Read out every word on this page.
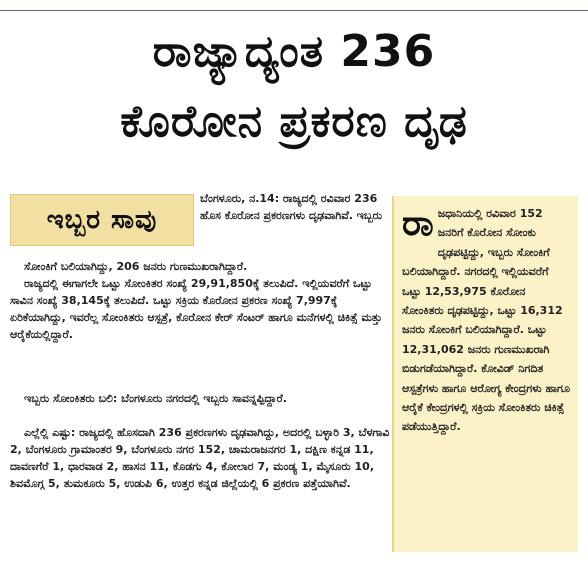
ರಾಜ್ಯಾದ್ಯಂತ 236
ಕೊರೋನ ಪ್ರಕರಣ ದೃಢ
ಇಬ್ಬರ ಸಾವು
ಬೆಂಗಳೂರು, ನ.14: ರಾಜ್ಯದಲ್ಲಿ ರವಿವಾರ 236 ಹೊಸ ಕೊರೋನ ಪ್ರಕರಣಗಳು ದೃಢವಾಗಿವೆ. ಇಬ್ಬರು

ಸೋಂಕಿಗೆ ಬಲಿಯಾಗಿದ್ದು, 206 ಜನರು ಗುಣಮುಖರಾಗಿದ್ದಾರೆ.

ರಾಜ್ಯದಲ್ಲಿ ಈಗಾಗಲೇ ಒಟ್ಟು ಸೋಂಕಿತರ ಸಂಖ್ಯೆ 29,91,850ಕ್ಕೆ ತಲುಪಿದೆ. ಇಲ್ಲಿಯವರೆಗೆ ಒಟ್ಟು ಸಾವಿನ ಸಂಖ್ಯೆ 38,145ಕ್ಕೆ ತಲುಪಿದೆ. ಒಟ್ಟು ಸಕ್ರಿಯ ಕೊರೋನ ಪ್ರಕರಣ ಸಂಖ್ಯೆ 7,997ಕ್ಕೆ ಏರಿಕೆಯಾಗಿದ್ದು, ಇವರೆಲ್ಲ ಸೋಂಕಿತರು ಆಸ್ಪತ್ರೆ, ಕೊರೋನ ಕೇರ್ ಸೆಂಟರ್ ಹಾಗೂ ಮನೆಗಳಲ್ಲಿ ಚಿಕಿತ್ಸೆ ಮತ್ತು ಆರೈಕೆಯಲ್ಲಿದ್ದಾರೆ.

ಇಬ್ಬರು ಸೋಂಕಿತರು ಬಲಿ: ಬೆಂಗಳೂರು ನಗರದಲ್ಲಿ ಇಬ್ಬರು ಸಾವನ್ನಪ್ಪಿದ್ದಾರೆ.

ಎಲ್ಲೆಲ್ಲಿ ಎಷ್ಟು: ರಾಜ್ಯದಲ್ಲಿ ಹೊಸದಾಗಿ 236 ಪ್ರಕರಣಗಳು ದೃಢವಾಗಿದ್ದು, ಅದರಲ್ಲಿ ಬಳ್ಳಾರಿ 3, ಬೆಳಗಾವಿ 2, ಬೆಂಗಳೂರು ಗ್ರಾಮಾಂತರ 9, ಬೆಂಗಳೂರು ನಗರ 152, ಚಾಮರಾಜನಗರ 1, ದಕ್ಷಿಣ ಕನ್ನಡ 11, ದಾವಣಗೆರೆ 1, ಧಾರವಾಡ 2, ಹಾಸನ 11, ಕೊಡಗು 4, ಕೋಲಾರ 7, ಮಂಡ್ಯ 1, ಮೈಸೂರು 10, ಶಿವಮೊಗ್ಗ 5, ತುಮಕೂರು 5, ಉಡುಪಿ 6, ಉತ್ತರ ಕನ್ನಡ ಜಿಲ್ಲೆಯಲ್ಲಿ 6 ಪ್ರಕರಣ ಪತ್ತೆಯಾಗಿವೆ.

ರಾ ಜಧಾನಿಯಲ್ಲಿ ರವಿವಾರ 152 ಜನರಿಗೆ ಕೊರೋನ ಸೋಂಕು ದೃಢಪಟ್ಟಿದ್ದು, ಇಬ್ಬರು ಸೋಂಕಿಗೆ ಬಲಿಯಾಗಿದ್ದಾರೆ. ನಗರದಲ್ಲಿ ಇಲ್ಲಿಯವರೆಗೆ ಒಟ್ಟು 12,53,975 ಕೊರೋನ ಸೋಂಕಿತರು ದೃಢಪಟ್ಟಿದ್ದು, ಒಟ್ಟು 16,312 ಜನರು ಸೋಂಕಿಗೆ ಬಲಿಯಾಗಿದ್ದಾರೆ. ಒಟ್ಟು 12,31,062 ಜನರು ಗುಣಮುಖರಾಗಿ ಬಿಡುಗಡೆಯಾಗಿದ್ದಾರೆ. ಕೋವಿಡ್ ನಿಗದಿತ ಆಸ್ಪತ್ರೆಗಳು ಹಾಗೂ ಆರೋಗ್ಯ ಕೇಂದ್ರಗಳು ಹಾಗೂ ಆರೈಕೆ ಕೇಂದ್ರಗಳಲ್ಲಿ ಸಕ್ರಿಯ ಸೋಂಕಿತರು ಚಿಕಿತ್ಸೆ ಪಡೆಯುತ್ತಿದ್ದಾರೆ.
